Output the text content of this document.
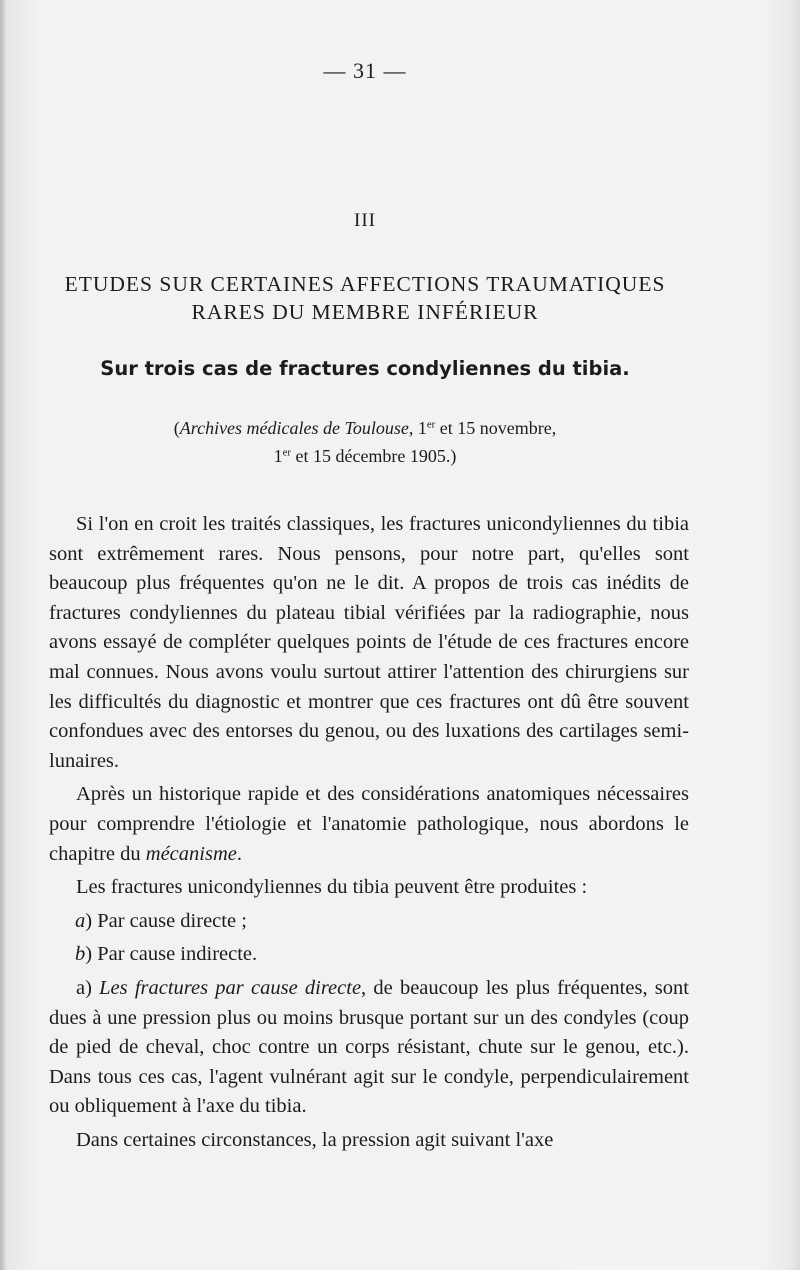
— 31 —
III
ETUDES SUR CERTAINES AFFECTIONS TRAUMATIQUES RARES DU MEMBRE INFÉRIEUR
Sur trois cas de fractures condyliennes du tibia.
(Archives médicales de Toulouse, 1er et 15 novembre,
1er et 15 décembre 1905.)

Si l'on en croit les traités classiques, les fractures unicondyliennes du tibia sont extrêmement rares. Nous pensons, pour notre part, qu'elles sont beaucoup plus fréquentes qu'on ne le dit. A propos de trois cas inédits de fractures condyliennes du plateau tibial vérifiées par la radiographie, nous avons essayé de compléter quelques points de l'étude de ces fractures encore mal connues. Nous avons voulu surtout attirer l'attention des chirurgiens sur les difficultés du diagnostic et montrer que ces fractures ont dû être souvent confondues avec des entorses du genou, ou des luxations des cartilages semi-lunaires.

Après un historique rapide et des considérations anatomiques nécessaires pour comprendre l'étiologie et l'anatomie pathologique, nous abordons le chapitre du mécanisme.

Les fractures unicondyliennes du tibia peuvent être produites :

a) Par cause directe ;

b) Par cause indirecte.

a) Les fractures par cause directe, de beaucoup les plus fréquentes, sont dues à une pression plus ou moins brusque portant sur un des condyles (coup de pied de cheval, choc contre un corps résistant, chute sur le genou, etc.). Dans tous ces cas, l'agent vulnérant agit sur le condyle, perpendiculairement ou obliquement à l'axe du tibia.

Dans certaines circonstances, la pression agit suivant l'axe
